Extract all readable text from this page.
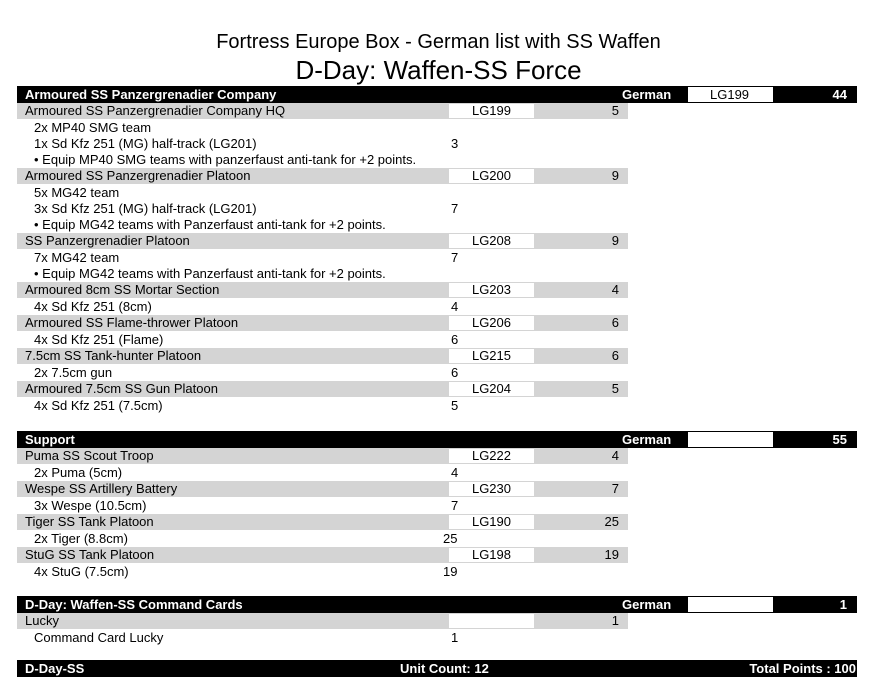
Fortress Europe Box - German list with SS Waffen
D-Day: Waffen-SS Force
Armoured SS Panzergrenadier Company	German	LG199	44
Armoured SS Panzergrenadier Company HQ	LG199	5
2x MP40 SMG team
1x Sd Kfz 251 (MG) half-track (LG201)	3
• Equip MP40 SMG teams with panzerfaust anti-tank for +2 points.
Armoured SS Panzergrenadier Platoon	LG200	9
5x MG42 team
3x Sd Kfz 251 (MG) half-track (LG201)	7
• Equip MG42 teams with Panzerfaust anti-tank for +2 points.
SS Panzergrenadier Platoon	LG208	9
7x MG42 team	7
• Equip MG42 teams with Panzerfaust anti-tank for +2 points.
Armoured 8cm SS Mortar Section	LG203	4
4x Sd Kfz 251 (8cm)	4
Armoured SS Flame-thrower Platoon	LG206	6
4x Sd Kfz 251 (Flame)	6
7.5cm SS Tank-hunter Platoon	LG215	6
2x 7.5cm gun	6
Armoured 7.5cm SS Gun Platoon	LG204	5
4x Sd Kfz 251 (7.5cm)	5
Support	German	55
Puma SS Scout Troop	LG222	4
2x Puma (5cm)	4
Wespe SS Artillery Battery	LG230	7
3x Wespe (10.5cm)	7
Tiger SS Tank Platoon	LG190	25
2x Tiger (8.8cm)	25
StuG SS Tank Platoon	LG198	19
4x StuG (7.5cm)	19
D-Day: Waffen-SS Command Cards	German	1
Lucky	1
Command Card Lucky	1
D-Day-SS	Unit Count: 12	Total Points : 100
